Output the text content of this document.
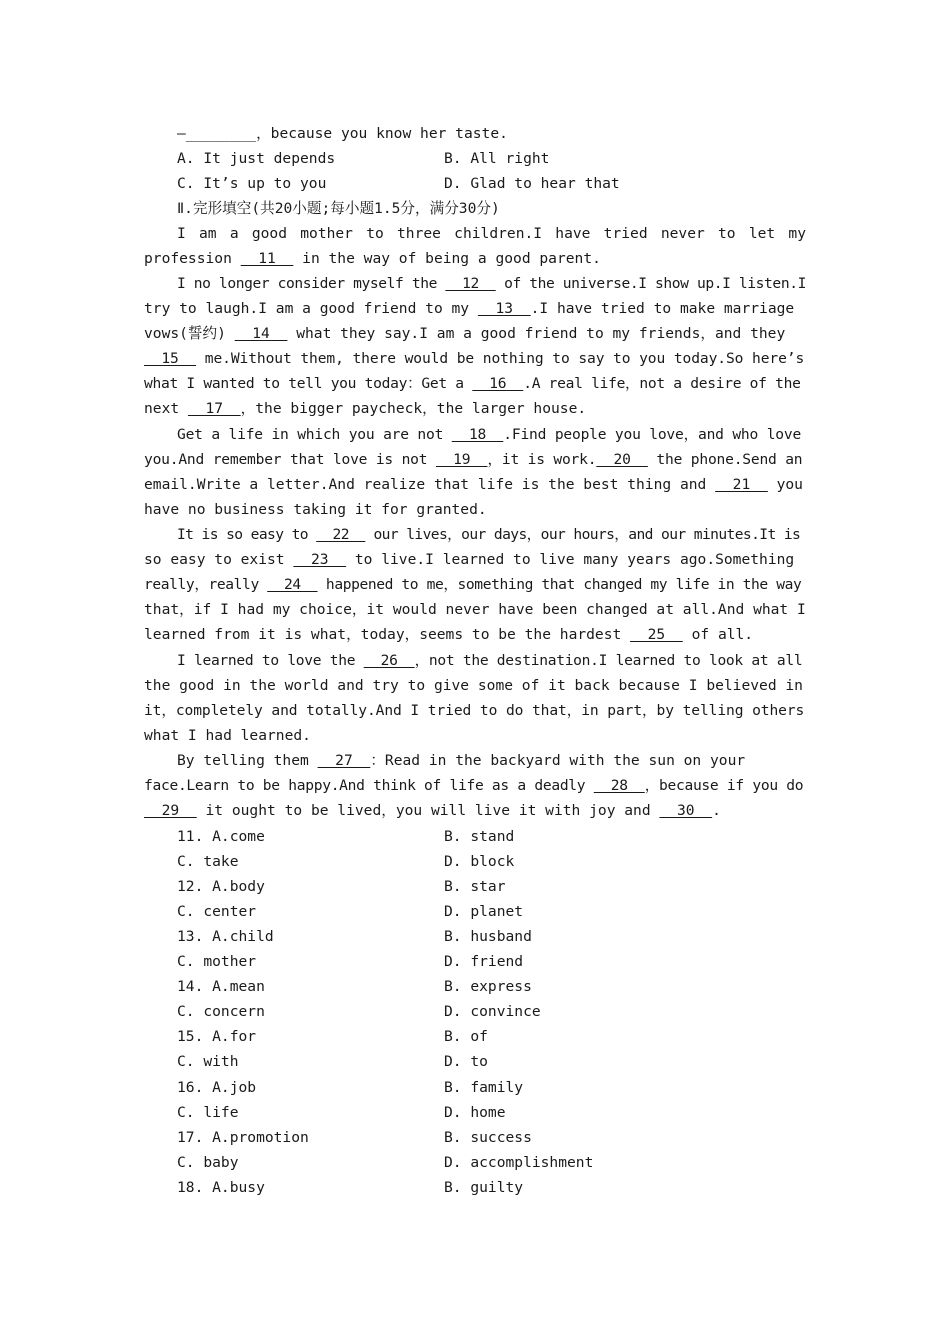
—________，because you know her taste.
A. It just depends	B. All right
C. It’s up to you	D. Glad to hear that
Ⅱ.完形填空(共20小题;每小题1.5分，满分30分)
I am a good mother to three children.I have tried never to let my
profession   11   in the way of being a good parent.
I no longer consider myself the   12   of the universe.I show up.I listen.I
try to laugh.I am a good friend to my   13  .I have tried to make marriage
vows(誓约)   14   what they say.I am a good friend to my friends，and they
15   me.Without them, there would be nothing to say to you today.So here’s
what I wanted to tell you today：Get a   16  .A real life，not a desire of the
next   17  ，the bigger paycheck，the larger house.
Get a life in which you are not   18  .Find people you love，and who love
you.And remember that love is not   19  ，it is work.  20   the phone.Send an
email.Write a letter.And realize that life is the best thing and   21   you
have no business taking it for granted.
It is so easy to   22   our lives，our days，our hours，and our minutes.It is
so easy to exist   23   to live.I learned to live many years ago.Something
really，really   24   happened to me，something that changed my life in the way
that，if I had my choice，it would never have been changed at all.And what I
learned from it is what，today，seems to be the hardest   25   of all.
I learned to love the   26  ，not the destination.I learned to look at all
the good in the world and try to give some of it back because I believed in
it，completely and totally.And I tried to do that，in part，by telling others
what I had learned.
By telling them   27  ：Read in the backyard with the sun on your
face.Learn to be happy.And think of life as a deadly   28  ，because if you do
29   it ought to be lived，you will live it with joy and   30  .
11. A.come	B. stand
C. take	D. block
12. A.body	B. star
C. center	D. planet
13. A.child	B. husband
C. mother	D. friend
14. A.mean	B. express
C. concern	D. convince
15. A.for	B. of
C. with	D. to
16. A.job	B. family
C. life	D. home
17. A.promotion	B. success
C. baby	D. accomplishment
18. A.busy	B. guilty
